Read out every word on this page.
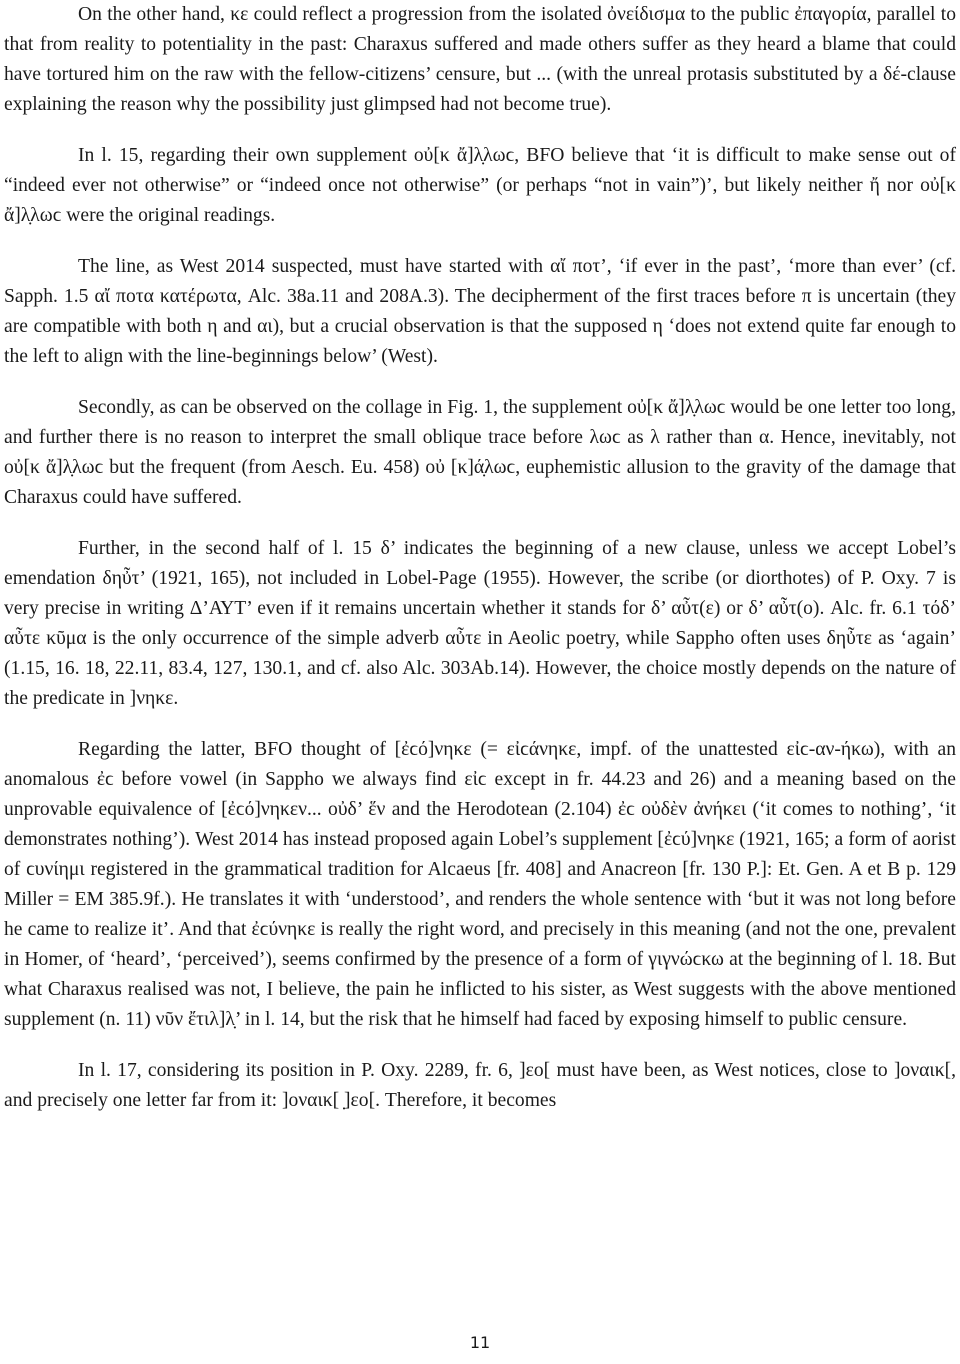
On the other hand, κε could reflect a progression from the isolated ὀνείδισμα to the public ἐπαγορία, parallel to that from reality to potentiality in the past: Charaxus suffered and made others suffer as they heard a blame that could have tortured him on the raw with the fellow-citizens’ censure, but ... (with the unreal protasis substituted by a δέ-clause explaining the reason why the possibility just glimpsed had not become true).

In l. 15, regarding their own supplement οὐ[κ ἄ]λ̣λωϲ, BFO believe that ‘it is difficult to make sense out of “indeed ever not otherwise” or “indeed once not otherwise” (or perhaps “not in vain”)’, but likely neither ἤ nor οὐ[κ ἄ]λ̣λωϲ were the original readings.

The line, as West 2014 suspected, must have started with αἴ ποτ’, ‘if ever in the past’, ‘more than ever’ (cf. Sapph. 1.5 αἴ ποτα κατέρωτα, Alc. 38a.11 and 208A.3). The decipherment of the first traces before π is uncertain (they are compatible with both η and αι), but a crucial observation is that the supposed η ‘does not extend quite far enough to the left to align with the line-beginnings below’ (West).

Secondly, as can be observed on the collage in Fig. 1, the supplement οὐ[κ ἄ]λ̣λωϲ would be one letter too long, and further there is no reason to interpret the small oblique trace before λωϲ as λ rather than α. Hence, inevitably, not οὐ[κ ἄ]λ̣λωϲ but the frequent (from Aesch. Eu. 458) οὐ [κ]ά̣λωϲ, euphemistic allusion to the gravity of the damage that Charaxus could have suffered.

Further, in the second half of l. 15 δ’ indicates the beginning of a new clause, unless we accept Lobel’s emendation δηὖτ’ (1921, 165), not included in Lobel-Page (1955). However, the scribe (or diorthotes) of P. Oxy. 7 is very precise in writing Δ’ΑΥΤ’ even if it remains uncertain whether it stands for δ’ αὖτ(ε) or δ’ αὖτ(ο). Alc. fr. 6.1 τόδ’ αὖτε κῦμα is the only occurrence of the simple adverb αὖτε in Aeolic poetry, while Sappho often uses δηὖτε as ‘again’ (1.15, 16. 18, 22.11, 83.4, 127, 130.1, and cf. also Alc. 303Ab.14). However, the choice mostly depends on the nature of the predicate in ]νηκε.

Regarding the latter, BFO thought of [ἐϲό]νηκε (= εἰϲάνηκε, impf. of the unattested εἰϲ-αν-ήκω), with an anomalous ἐϲ before vowel (in Sappho we always find εἰϲ except in fr. 44.23 and 26) and a meaning based on the unprovable equivalence of [ἐϲό]νηκεν... οὐδ’ ἕν and the Herodotean (2.104) ἐϲ οὐδὲν ἀνήκει (‘it comes to nothing’, ‘it demonstrates nothing’). West 2014 has instead proposed again Lobel’s supplement [ἐϲύ]νηκε (1921, 165; a form of aorist of ϲυνίημι registered in the grammatical tradition for Alcaeus [fr. 408] and Anacreon [fr. 130 P.]: Et. Gen. A et B p. 129 Miller = EM 385.9f.). He translates it with ‘understood’, and renders the whole sentence with ‘but it was not long before he came to realize it’. And that ἐϲύνηκε is really the right word, and precisely in this meaning (and not the one, prevalent in Homer, of ‘heard’, ‘perceived’), seems confirmed by the presence of a form of γιγνώϲκω at the beginning of l. 18. But what Charaxus realised was not, I believe, the pain he inflicted to his sister, as West suggests with the above mentioned supplement (n. 11) νῦν ἔτιλ]λ̣’ in l. 14, but the risk that he himself had faced by exposing himself to public censure.

In l. 17, considering its position in P. Oxy. 2289, fr. 6, ]εο[ must have been, as West notices, close to ]οναικ[, and precisely one letter far from it: ]οναικ[ ̣]εο[. Therefore, it becomes

11
